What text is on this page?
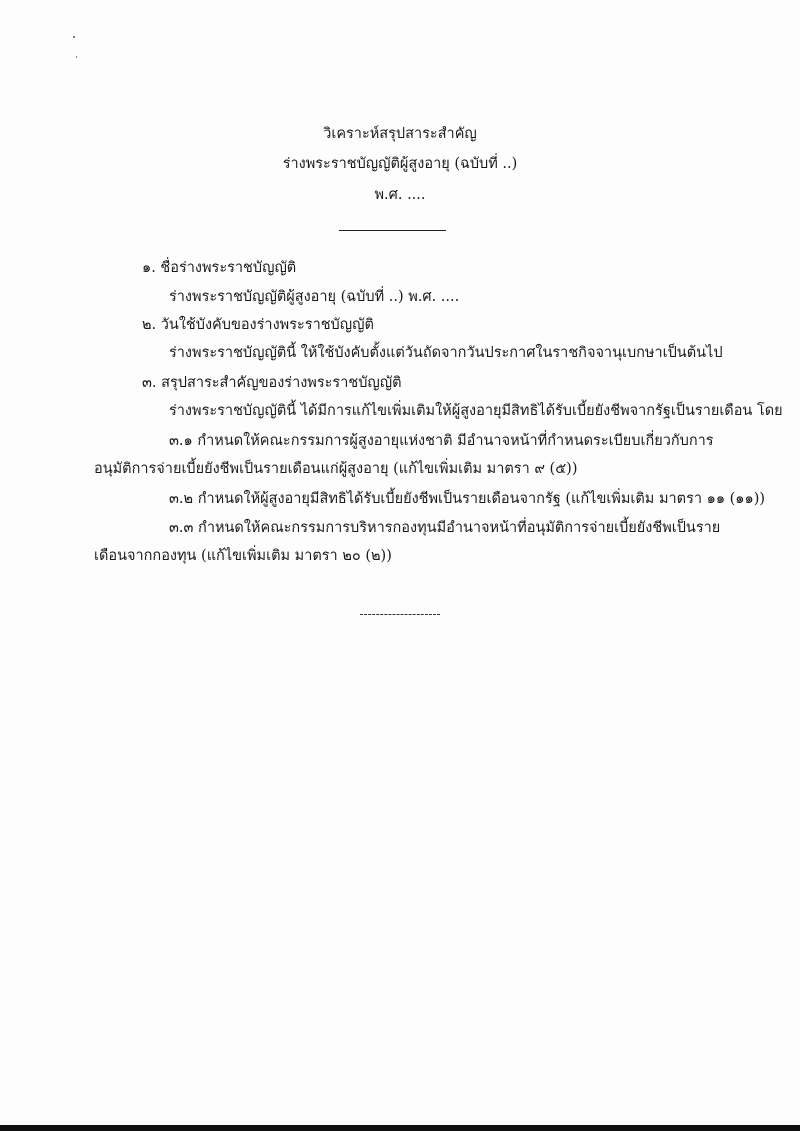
วิเคราะห์สรุปสาระสำคัญ
ร่างพระราชบัญญัติผู้สูงอายุ (ฉบับที่ ..)
พ.ศ. ....
๑. ชื่อร่างพระราชบัญญัติ
ร่างพระราชบัญญัติผู้สูงอายุ (ฉบับที่ ..) พ.ศ. ....
๒. วันใช้บังคับของร่างพระราชบัญญัติ
ร่างพระราชบัญญัตินี้ ให้ใช้บังคับตั้งแต่วันถัดจากวันประกาศในราชกิจจานุเบกษาเป็นต้นไป
๓. สรุปสาระสำคัญของร่างพระราชบัญญัติ
ร่างพระราชบัญญัตินี้ ได้มีการแก้ไขเพิ่มเติมให้ผู้สูงอายุมีสิทธิได้รับเบี้ยยังชีพจากรัฐเป็นรายเดือน โดย
๓.๑ กำหนดให้คณะกรรมการผู้สูงอายุแห่งชาติ มีอำนาจหน้าที่กำหนดระเบียบเกี่ยวกับการ
อนุมัติการจ่ายเบี้ยยังชีพเป็นรายเดือนแก่ผู้สูงอายุ (แก้ไขเพิ่มเติม มาตรา ๙ (๕))
๓.๒ กำหนดให้ผู้สูงอายุมีสิทธิได้รับเบี้ยยังชีพเป็นรายเดือนจากรัฐ (แก้ไขเพิ่มเติม มาตรา ๑๑ (๑๑))
๓.๓ กำหนดให้คณะกรรมการบริหารกองทุนมีอำนาจหน้าที่อนุมัติการจ่ายเบี้ยยังชีพเป็นราย
เดือนจากกองทุน (แก้ไขเพิ่มเติม มาตรา ๒๐ (๒))
--------------------
